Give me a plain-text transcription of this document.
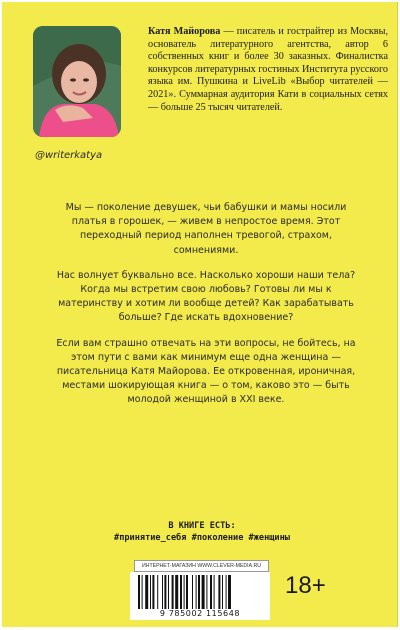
@writerkatya
Катя Майорова — писатель и гострайтер из Москвы, основатель литературного агентства, автор 6 собственных книг и более 30 заказных. Финалистка конкурсов литературных гостиных Института русского языка им. Пушкина и LiveLib «Выбор читателей — 2021». Суммарная аудитория Кати в социальных сетях — больше 25 тысяч читателей.

Мы — поколение девушек, чьи бабушки и мамы носили платья в горошек, — живем в непростое время. Этот переходный период наполнен тревогой, страхом, сомнениями.

Нас волнует буквально все. Насколько хороши наши тела? Когда мы встретим свою любовь? Готовы ли мы к материнству и хотим ли вообще детей? Как зарабатывать больше? Где искать вдохновение?

Если вам страшно отвечать на эти вопросы, не бойтесь, на этом пути с вами как минимум еще одна женщина — писательница Катя Майорова. Ее откровенная, ироничная, местами шокирующая книга — о том, каково это — быть молодой женщиной в XXI веке.

В КНИГЕ ЕСТЬ:
#принятие_себя #поколение #женщины
ИНТЕРНЕТ-МАГАЗИН WWW.CLEVER-MEDIA.RU
9 785002 115648
18+
